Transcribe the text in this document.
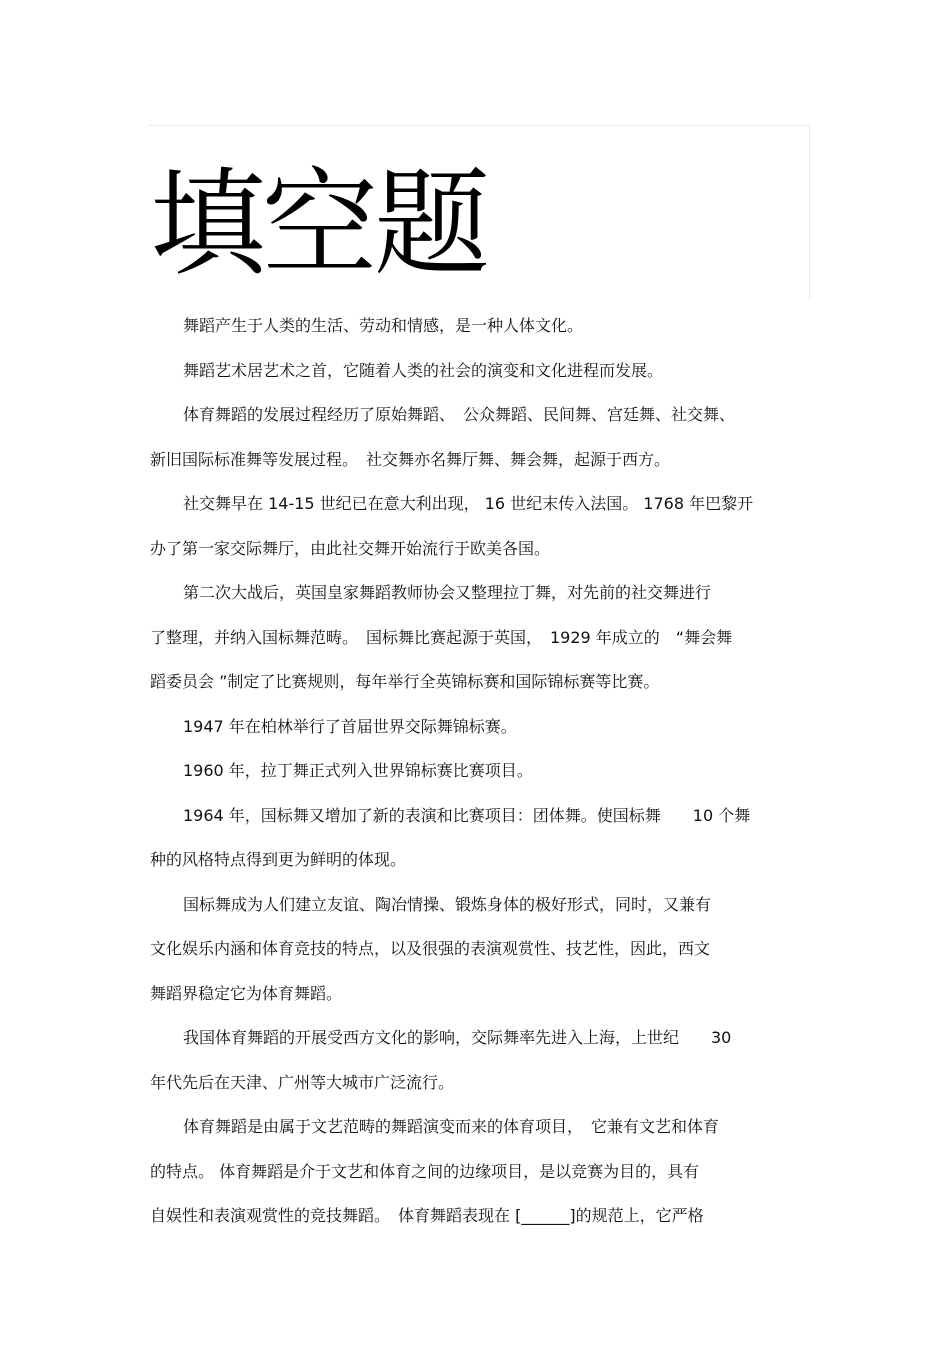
填空题
舞蹈产生于人类的生活、劳动和情感，是一种人体文化。
舞蹈艺术居艺术之首，它随着人类的社会的演变和文化进程而发展。
体育舞蹈的发展过程经历了原始舞蹈、　公众舞蹈、民间舞、宫廷舞、社交舞、
新旧国际标准舞等发展过程。　社交舞亦名舞厅舞、舞会舞，起源于西方。
社交舞早在 14-15 世纪已在意大利出现， 16 世纪末传入法国。 1768 年巴黎开
办了第一家交际舞厅，由此社交舞开始流行于欧美各国。
第二次大战后，英国皇家舞蹈教师协会又整理拉丁舞，对先前的社交舞进行
了整理，并纳入国标舞范畴。　国标舞比赛起源于英国，　1929 年成立的　“舞会舞
蹈委员会 ”制定了比赛规则，每年举行全英锦标赛和国际锦标赛等比赛。
1947 年在柏林举行了首届世界交际舞锦标赛。
1960 年，拉丁舞正式列入世界锦标赛比赛项目。
1964 年，国标舞又增加了新的表演和比赛项目：团体舞。使国标舞　　10 个舞
种的风格特点得到更为鲜明的体现。
国标舞成为人们建立友谊、陶冶情操、锻炼身体的极好形式，同时，又兼有
文化娱乐内涵和体育竞技的特点，以及很强的表演观赏性、技艺性，因此，西文
舞蹈界稳定它为体育舞蹈。
我国体育舞蹈的开展受西方文化的影响，交际舞率先进入上海，上世纪　　30
年代先后在天津、广州等大城市广泛流行。
体育舞蹈是由属于文艺范畴的舞蹈演变而来的体育项目，　它兼有文艺和体育
的特点。 体育舞蹈是介于文艺和体育之间的边缘项目，是以竞赛为目的，具有
自娱性和表演观赏性的竞技舞蹈。　体育舞蹈表现在 [______]的规范上，它严格
